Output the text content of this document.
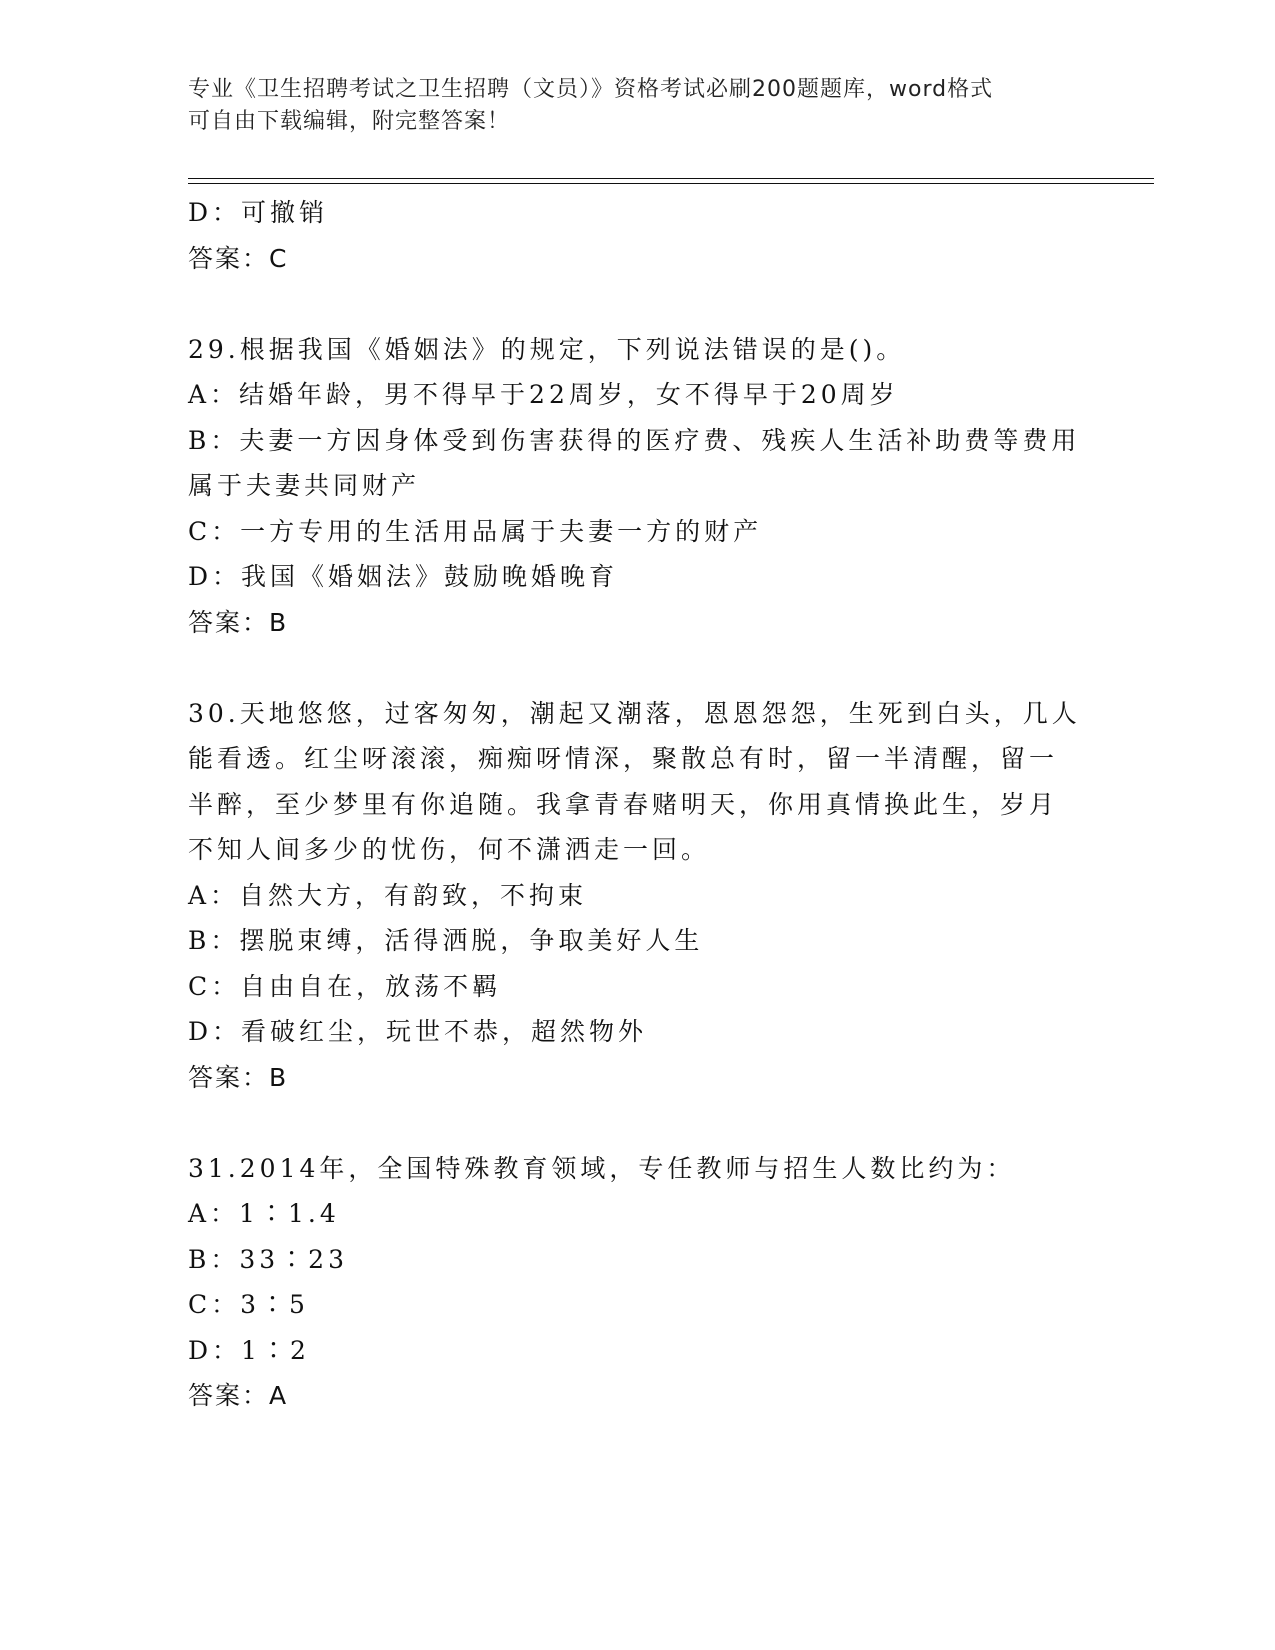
专业《卫生招聘考试之卫生招聘（文员）》资格考试必刷200题题库，word格式
可自由下载编辑，附完整答案！
D：可撤销
答案：C
29.根据我国《婚姻法》的规定，下列说法错误的是()。
A：结婚年龄，男不得早于22周岁，女不得早于20周岁
B：夫妻一方因身体受到伤害获得的医疗费、残疾人生活补助费等费用
属于夫妻共同财产
C：一方专用的生活用品属于夫妻一方的财产
D：我国《婚姻法》鼓励晚婚晚育
答案：B
30.天地悠悠，过客匆匆，潮起又潮落，恩恩怨怨，生死到白头，几人
能看透。红尘呀滚滚，痴痴呀情深，聚散总有时，留一半清醒，留一
半醉，至少梦里有你追随。我拿青春赌明天，你用真情换此生，岁月
不知人间多少的忧伤，何不潇洒走一回。
A：自然大方，有韵致，不拘束
B：摆脱束缚，活得洒脱，争取美好人生
C：自由自在，放荡不羁
D：看破红尘，玩世不恭，超然物外
答案：B
31.2014年，全国特殊教育领域，专任教师与招生人数比约为：
A：1∶1.4
B：33∶23
C：3∶5
D：1∶2
答案：A
